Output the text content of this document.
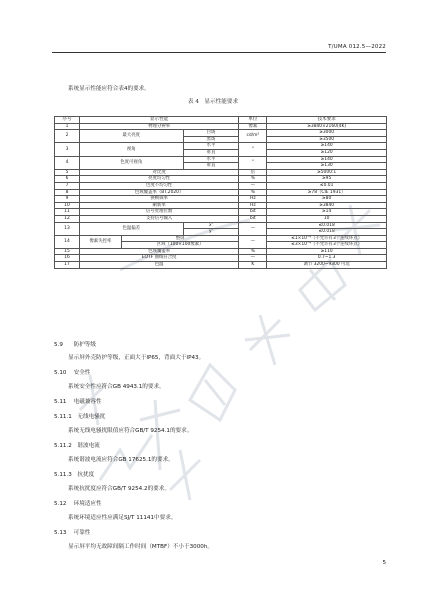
T/UMA 012.5—2022
系统显示性能应符合表4的要求。
表 4　显示性能要求
序号	显示性能			单位	技术要求
1	物理分辨率			像素	≥3840×2160(4K)
2	最大亮度		白场	cd/m²	≥3000
			黑场		≥3500
3	视角		水平	°	≥140
			垂直		≥120
4	色度可视角		水平	°	≥140
			垂直		≥130
5	对比度			倍	≥5000:1
6	亮度均匀性			%	≥95
7	色度不均匀性			—	≤0.01
8	色域覆盖率（BT.2020）			%	≥78（CIE 1931）
9	换帧频率			Hz	≥80
10	刷新率			Hz	≥3840
11	信号处理位数			bit	≥14
12	支持信号输入			bit	10
13	色温偏差		x'	—	≤0.018
			y'		≤0.018
14	像素失控率	整屏		—	≤1×10⁻⁴（不允许有3个连续坏点）
		区域（100×100像素）			≤3×10⁻⁴（不允许有3个连续坏点）
15	色域覆盖率			%	≥110
16	EOTF 曲线符合度			—	0.7~1.3
17	色温			K	调节 3200~9300 可选
5.9　 防护等级
显示屏外壳防护等级，正面大于IP65，背面大于IP43。
5.10　 安全性
系统安全性应符合GB 4943.1的要求。
5.11　 电磁兼容性
5.11.1　 无线电骚扰
系统无线电骚扰限值应符合GB/T 9254.1的要求。
5.11.2　 谐波电流
系统谐波电流应符合GB 17625.1的要求。
5.11.3　 抗扰度
系统抗扰度应符合GB/T 9254.2的要求。
5.12　 环境适应性
系统环境适应性应满足SJ/T 11141中要求。
5.13　 可靠性
显示屏平均无故障间隔工作时间（MTBF）不小于3000h。
5
